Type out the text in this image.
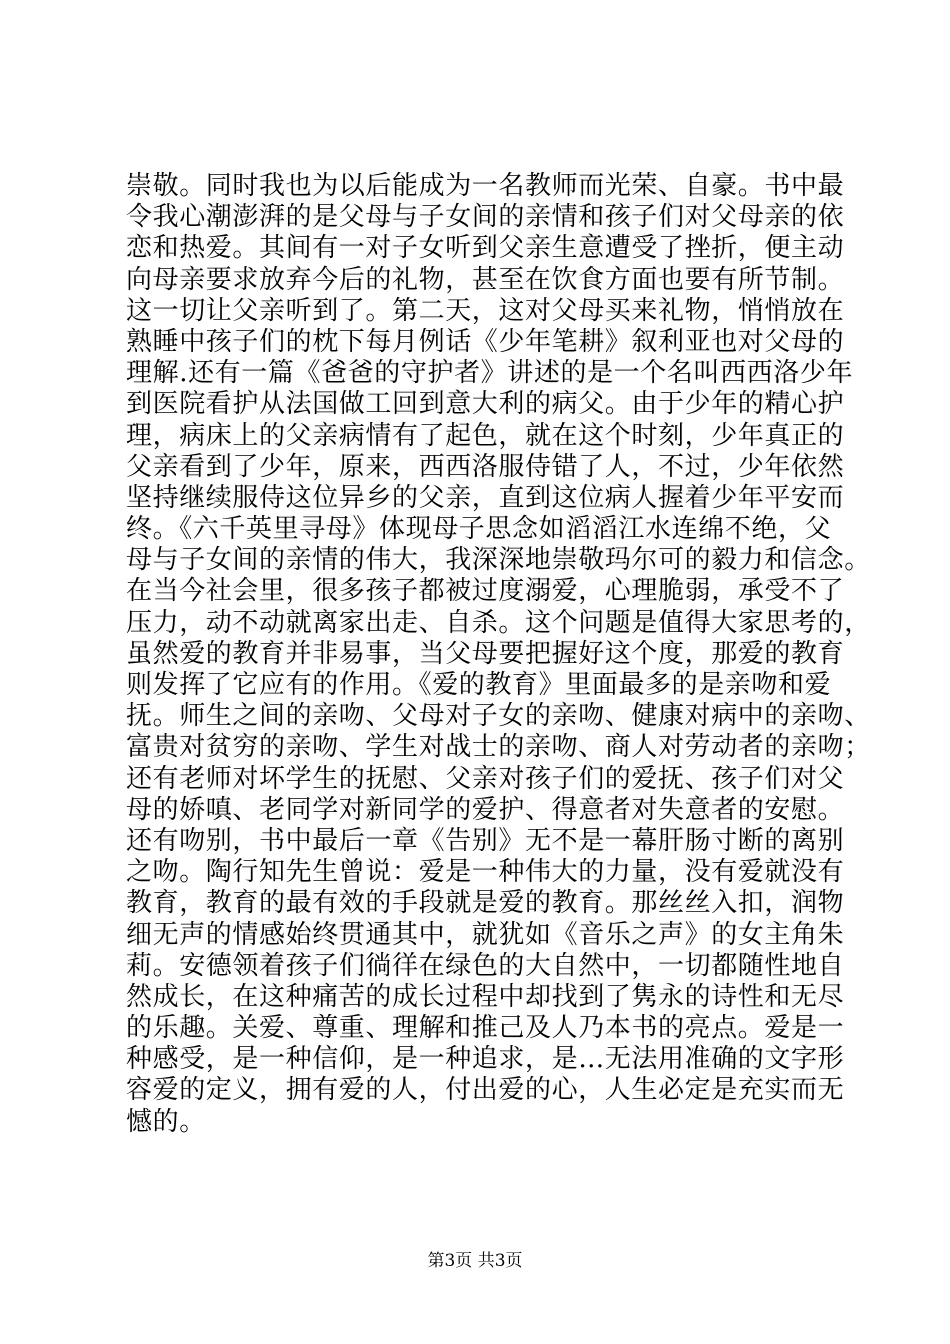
崇敬。同时我也为以后能成为一名教师而光荣、自豪。书中最
令我心潮澎湃的是父母与子女间的亲情和孩子们对父母亲的依
恋和热爱。其间有一对子女听到父亲生意遭受了挫折，便主动
向母亲要求放弃今后的礼物，甚至在饮食方面也要有所节制。
这一切让父亲听到了。第二天，这对父母买来礼物，悄悄放在
熟睡中孩子们的枕下每月例话《少年笔耕》叙利亚也对父母的
理解.还有一篇《爸爸的守护者》讲述的是一个名叫西西洛少年
到医院看护从法国做工回到意大利的病父。由于少年的精心护
理，病床上的父亲病情有了起色，就在这个时刻，少年真正的
父亲看到了少年，原来，西西洛服侍错了人，不过，少年依然
坚持继续服侍这位异乡的父亲，直到这位病人握着少年平安而
终。《六千英里寻母》体现母子思念如滔滔江水连绵不绝，父
母与子女间的亲情的伟大，我深深地崇敬玛尔可的毅力和信念。
在当今社会里，很多孩子都被过度溺爱，心理脆弱，承受不了
压力，动不动就离家出走、自杀。这个问题是值得大家思考的，
虽然爱的教育并非易事，当父母要把握好这个度，那爱的教育
则发挥了它应有的作用。《爱的教育》里面最多的是亲吻和爱
抚。师生之间的亲吻、父母对子女的亲吻、健康对病中的亲吻、
富贵对贫穷的亲吻、学生对战士的亲吻、商人对劳动者的亲吻；
还有老师对坏学生的抚慰、父亲对孩子们的爱抚、孩子们对父
母的娇嗔、老同学对新同学的爱护、得意者对失意者的安慰。
还有吻别，书中最后一章《告别》无不是一幕肝肠寸断的离别
之吻。陶行知先生曾说：爱是一种伟大的力量，没有爱就没有
教育，教育的最有效的手段就是爱的教育。那丝丝入扣，润物
细无声的情感始终贯通其中，就犹如《音乐之声》的女主角朱
莉。安德领着孩子们徜徉在绿色的大自然中，一切都随性地自
然成长，在这种痛苦的成长过程中却找到了隽永的诗性和无尽
的乐趣。关爱、尊重、理解和推己及人乃本书的亮点。爱是一
种感受，是一种信仰，是一种追求，是…无法用准确的文字形
容爱的定义，拥有爱的人，付出爱的心，人生必定是充实而无
憾的。
第3页 共3页
